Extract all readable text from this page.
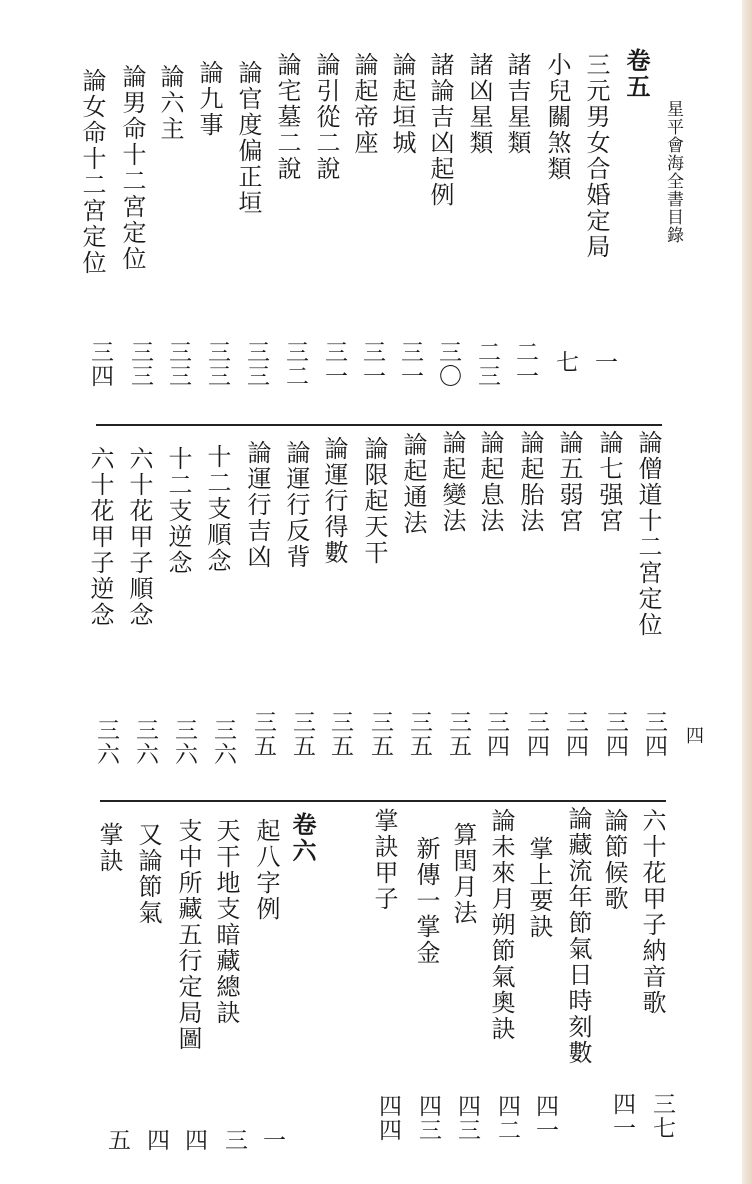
星平會海全書目錄
四
卷五
三元男女合婚定局
一
小兒關煞類
七
諸吉星類
二一
諸凶星類
二三
諸論吉凶起例
三〇
論起垣城
三一
論起帝座
三一
論引從二說
三一
論宅墓二說
三二
論官度偏正垣
三三
論九事
三三
論六主
三三
論男命十二宮定位
三三
論女命十二宮定位
三四
論僧道十二宮定位
三四
論七强宮
三四
論五弱宮
三四
論起胎法
三四
論起息法
三四
論起變法
三五
論起通法
三五
論限起天干
三五
論運行得數
三五
論運行反背
三五
論運行吉凶
三五
十二支順念
三六
十二支逆念
三六
六十花甲子順念
三六
六十花甲子逆念
三六
六十花甲子納音歌
三七
論節候歌
四一
論藏流年節氣日時刻數
掌上要訣
四一
論未來月朔節氣奧訣
四二
算閏月法
四三
新傳一掌金
四三
掌訣甲子
四四
卷六
起八字例
一
天干地支暗藏總訣
三
支中所藏五行定局圖
四
又論節氣
四
掌訣
五
